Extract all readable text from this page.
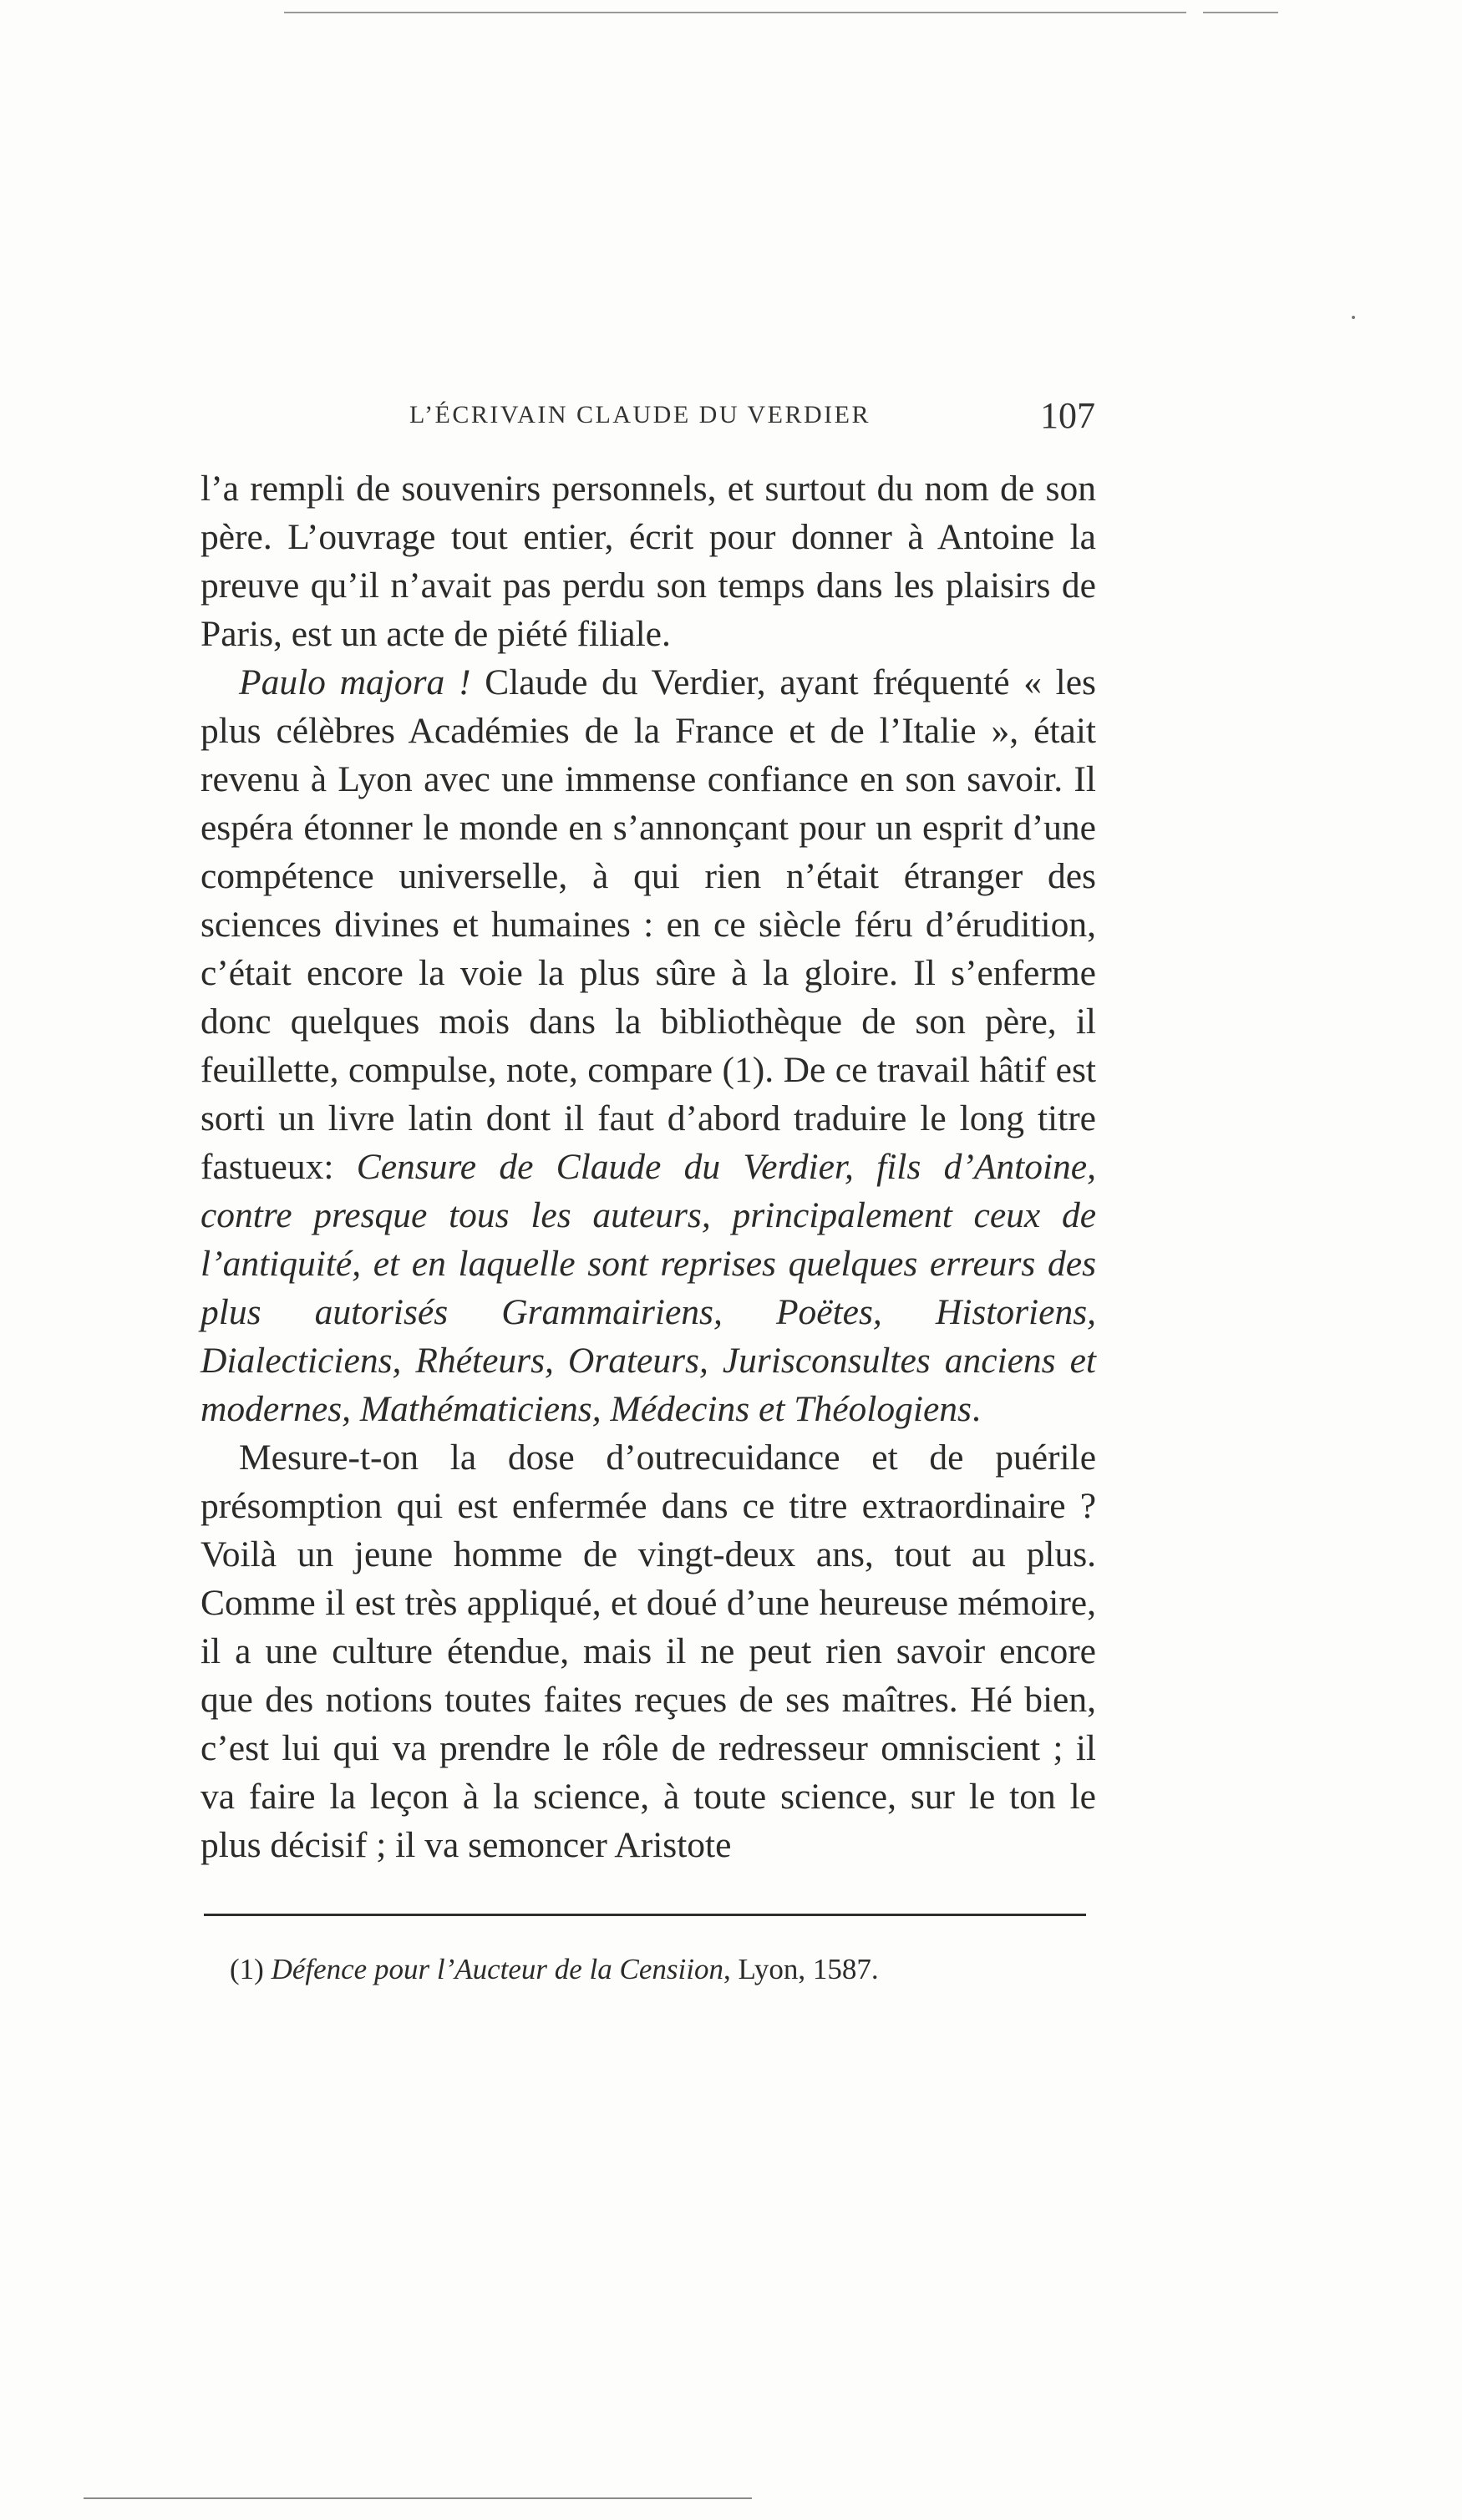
L’ÉCRIVAIN CLAUDE DU VERDIER	107

l’a rempli de souvenirs personnels, et surtout du nom de son père. L’ouvrage tout entier, écrit pour donner à Antoine la preuve qu’il n’avait pas perdu son temps dans les plaisirs de Paris, est un acte de piété filiale.

Paulo majora ! Claude du Verdier, ayant fréquenté « les plus célèbres Académies de la France et de l’Italie », était revenu à Lyon avec une immense confiance en son savoir. Il espéra étonner le monde en s’annonçant pour un esprit d’une compétence universelle, à qui rien n’était étranger des sciences divines et humaines : en ce siècle féru d’érudition, c’était encore la voie la plus sûre à la gloire. Il s’enferme donc quelques mois dans la bibliothèque de son père, il feuillette, compulse, note, compare (1). De ce travail hâtif est sorti un livre latin dont il faut d’abord traduire le long titre fastueux: Censure de Claude du Verdier, fils d’Antoine, contre presque tous les auteurs, principalement ceux de l’antiquité, et en laquelle sont reprises quelques erreurs des plus autorisés Grammairiens, Poëtes, Historiens, Dialecticiens, Rhéteurs, Orateurs, Jurisconsultes anciens et modernes, Mathématiciens, Médecins et Théologiens.

Mesure-t-on la dose d’outrecuidance et de puérile présomption qui est enfermée dans ce titre extraordinaire ? Voilà un jeune homme de vingt-deux ans, tout au plus. Comme il est très appliqué, et doué d’une heureuse mémoire, il a une culture étendue, mais il ne peut rien savoir encore que des notions toutes faites reçues de ses maîtres. Hé bien, c’est lui qui va prendre le rôle de redresseur omniscient ; il va faire la leçon à la science, à toute science, sur le ton le plus décisif ; il va semoncer Aristote

(1) Défence pour l’Aucteur de la Censiion, Lyon, 1587.
